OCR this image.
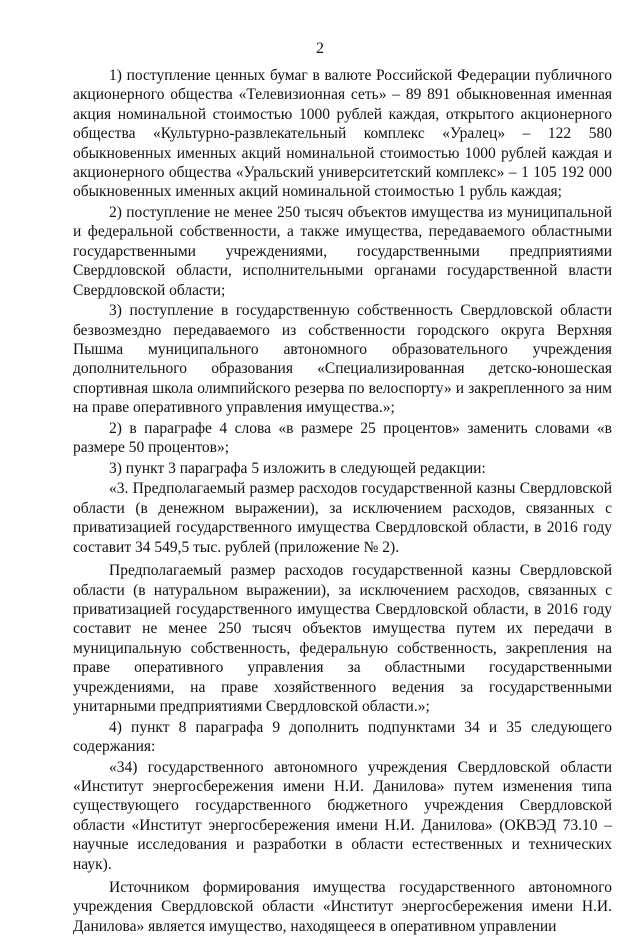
2

1) поступление ценных бумаг в валюте Российской Федерации публичного акционерного общества «Телевизионная сеть» – 89 891 обыкновенная именная акция номинальной стоимостью 1000 рублей каждая, открытого акционерного общества «Культурно-развлекательный комплекс «Уралец» – 122 580 обыкновенных именных акций номинальной стоимостью 1000 рублей каждая и акционерного общества «Уральский университетский комплекс» – 1 105 192 000 обыкновенных именных акций номинальной стоимостью 1 рубль каждая;

2) поступление не менее 250 тысяч объектов имущества из муниципальной и федеральной собственности, а также имущества, передаваемого областными государственными учреждениями, государственными предприятиями Свердловской области, исполнительными органами государственной власти Свердловской области;

3) поступление в государственную собственность Свердловской области безвозмездно передаваемого из собственности городского округа Верхняя Пышма муниципального автономного образовательного учреждения дополнительного образования «Специализированная детско-юношеская спортивная школа олимпийского резерва по велоспорту» и закрепленного за ним на праве оперативного управления имущества.»;

2) в параграфе 4 слова «в размере 25 процентов» заменить словами «в размере 50 процентов»;

3) пункт 3 параграфа 5 изложить в следующей редакции:

«3. Предполагаемый размер расходов государственной казны Свердловской области (в денежном выражении), за исключением расходов, связанных с приватизацией государственного имущества Свердловской области, в 2016 году составит 34 549,5 тыс. рублей (приложение № 2).

Предполагаемый размер расходов государственной казны Свердловской области (в натуральном выражении), за исключением расходов, связанных с приватизацией государственного имущества Свердловской области, в 2016 году составит не менее 250 тысяч объектов имущества путем их передачи в муниципальную собственность, федеральную собственность, закрепления на праве оперативного управления за областными государственными учреждениями, на праве хозяйственного ведения за государственными унитарными предприятиями Свердловской области.»;

4) пункт 8 параграфа 9 дополнить подпунктами 34 и 35 следующего содержания:

«34) государственного автономного учреждения Свердловской области «Институт энергосбережения имени Н.И. Данилова» путем изменения типа существующего государственного бюджетного учреждения Свердловской области «Институт энергосбережения имени Н.И. Данилова» (ОКВЭД 73.10 – научные исследования и разработки в области естественных и технических наук).

Источником формирования имущества государственного автономного учреждения Свердловской области «Институт энергосбережения имени Н.И. Данилова» является имущество, находящееся в оперативном управлении
